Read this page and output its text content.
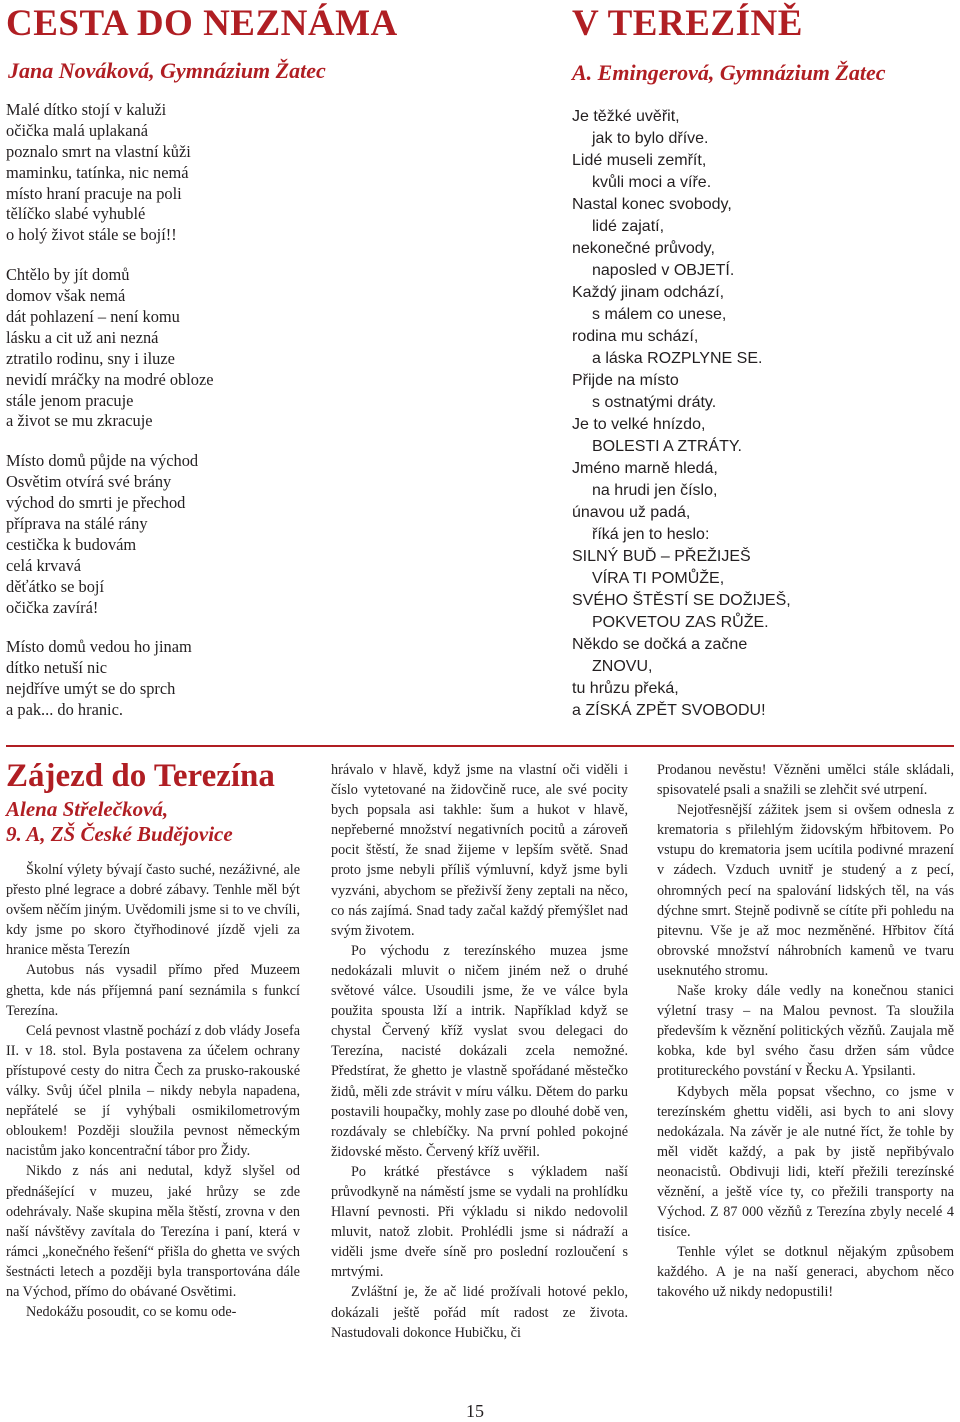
CESTA DO NEZNÁMA
Jana Nováková, Gymnázium Žatec
Malé dítko stojí v kaluži
očička malá uplakaná
poznalo smrt na vlastní kůži
maminku, tatínka, nic nemá
místo hraní pracuje na poli
tělíčko slabé vyhublé
o holý život stále se bojí!!
Chtělo by jít domů
domov však nemá
dát pohlazení – není komu
lásku a cit už ani nezná
ztratilo rodinu, sny i iluze
nevidí mráčky na modré obloze
stále jenom pracuje
a život se mu zkracuje
Místo domů půjde na východ
Osvětim otvírá své brány
východ do smrti je přechod
příprava na stálé rány
cestička k budovám
celá krvavá
děťátko se bojí
očička zavírá!
Místo domů vedou ho jinam
dítko netuší nic
nejdříve umýt se do sprch
a pak... do hranic.
V TEREZÍNĚ
A. Emingerová, Gymnázium Žatec
Je těžké uvěřit,
jak to bylo dříve.
Lidé museli zemřít,
kvůli moci a víře.
Nastal konec svobody,
lidé zajatí,
nekonečné průvody,
naposled v OBJETÍ.
Každý jinam odchází,
s málem co unese,
rodina mu schází,
a láska ROZPLYNE SE.
Přijde na místo
s ostnatými dráty.
Je to velké hnízdo,
BOLESTI A ZTRÁTY.
Jméno marně hledá,
na hrudi jen číslo,
únavou už padá,
říká jen to heslo:
SILNÝ BUĎ – PŘEŽIJEŠ
VÍRA TI POMŮŽE,
SVÉHO ŠTĚSTÍ SE DOŽIJEŠ,
POKVETOU ZAS RŮŽE.
Někdo se dočká a začne
ZNOVU,
tu hrůzu překá,
a ZÍSKÁ ZPĚT SVOBODU!
Zájezd do Terezína
Alena Střelečková,
9. A, ZŠ České Budějovice

Školní výlety bývají často suché, nezáživné, ale přesto plné legrace a dobré zábavy. Tenhle měl být ovšem něčím jiným. Uvědomili jsme si to ve chvíli, kdy jsme po skoro čtyřhodinové jízdě vjeli za hranice města Terezín

Autobus nás vysadil přímo před Muzeem ghetta, kde nás příjemná paní seznámila s funkcí Terezína.

Celá pevnost vlastně pochází z dob vlády Josefa II. v 18. stol. Byla postavena za účelem ochrany přístupové cesty do nitra Čech za prusko-rakouské války. Svůj účel plnila – nikdy nebyla napadena, nepřátelé se jí vyhýbali osmikilometrovým obloukem! Později sloužila pevnost německým nacistům jako koncentrační tábor pro Židy.

Nikdo z nás ani nedutal, když slyšel od přednášející v muzeu, jaké hrůzy se zde odehrávaly. Naše skupina měla štěstí, zrovna v den naší návštěvy zavítala do Terezína i paní, která v rámci „konečného řešení“ přišla do ghetta ve svých šestnácti letech a později byla transportována dále na Východ, přímo do obávané Osvětimi.

Nedokážu posoudit, co se komu ode-

hrávalo v hlavě, když jsme na vlastní oči viděli i číslo vytetované na židovčině ruce, ale své pocity bych popsala asi takhle: šum a hukot v hlavě, nepřeberné množství negativních pocitů a zároveň pocit štěstí, že snad žijeme v lepším světě. Snad proto jsme nebyli příliš výmluvní, když jsme byli vyzváni, abychom se přeživší ženy zeptali na něco, co nás zajímá. Snad tady začal každý přemýšlet nad svým životem.

Po východu z terezínského muzea jsme nedokázali mluvit o ničem jiném než o druhé světové válce. Usoudili jsme, že ve válce byla použita spousta lží a intrik. Například když se chystal Červený kříž vyslat svou delegaci do Terezína, nacisté dokázali zcela nemožné. Předstírat, že ghetto je vlastně spořádané městečko židů, měli zde strávit v míru válku. Dětem do parku postavili houpačky, mohly zase po dlouhé době ven, rozdávaly se chlebíčky. Na první pohled pokojné židovské město. Červený kříž uvěřil.

Po krátké přestávce s výkladem naší průvodkyně na náměstí jsme se vydali na prohlídku Hlavní pevnosti. Při výkladu si nikdo nedovolil mluvit, natož zlobit. Prohlédli jsme si nádraží a viděli jsme dveře síně pro poslední rozloučení s mrtvými.

Zvláštní je, že ač lidé prožívali hotové peklo, dokázali ještě pořád mít radost ze života. Nastudovali dokonce Hubičku, či

Prodanou nevěstu! Vězněni umělci stále skládali, spisovatelé psali a snažili se zlehčit své utrpení.

Nejotřesnější zážitek jsem si ovšem odnesla z krematoria s přilehlým židovským hřbitovem. Po vstupu do krematoria jsem ucítila podivné mrazení v zádech. Vzduch uvnitř je studený a z pecí, ohromných pecí na spalování lidských těl, na vás dýchne smrt. Stejně podivně se cítíte při pohledu na pitevnu. Vše je až moc nezměněné. Hřbitov čítá obrovské množství náhrobních kamenů ve tvaru useknutého stromu.

Naše kroky dále vedly na konečnou stanici výletní trasy – na Malou pevnost. Ta sloužila především k věznění politických vězňů. Zaujala mě kobka, kde byl svého času držen sám vůdce protitureckého povstání v Řecku A. Ypsilanti.

Kdybych měla popsat všechno, co jsme v terezínském ghettu viděli, asi bych to ani slovy nedokázala. Na závěr je ale nutné říct, že tohle by měl vidět každý, a pak by jistě nepřibývalo neonacistů. Obdivuji lidi, kteří přežili terezínské věznění, a ještě více ty, co přežili transporty na Východ. Z 87 000 vězňů z Terezína zbyly necelé 4 tisíce.

Tenhle výlet se dotknul nějakým způsobem každého. A je na naší generaci, abychom něco takového už nikdy nedopustili!

15
